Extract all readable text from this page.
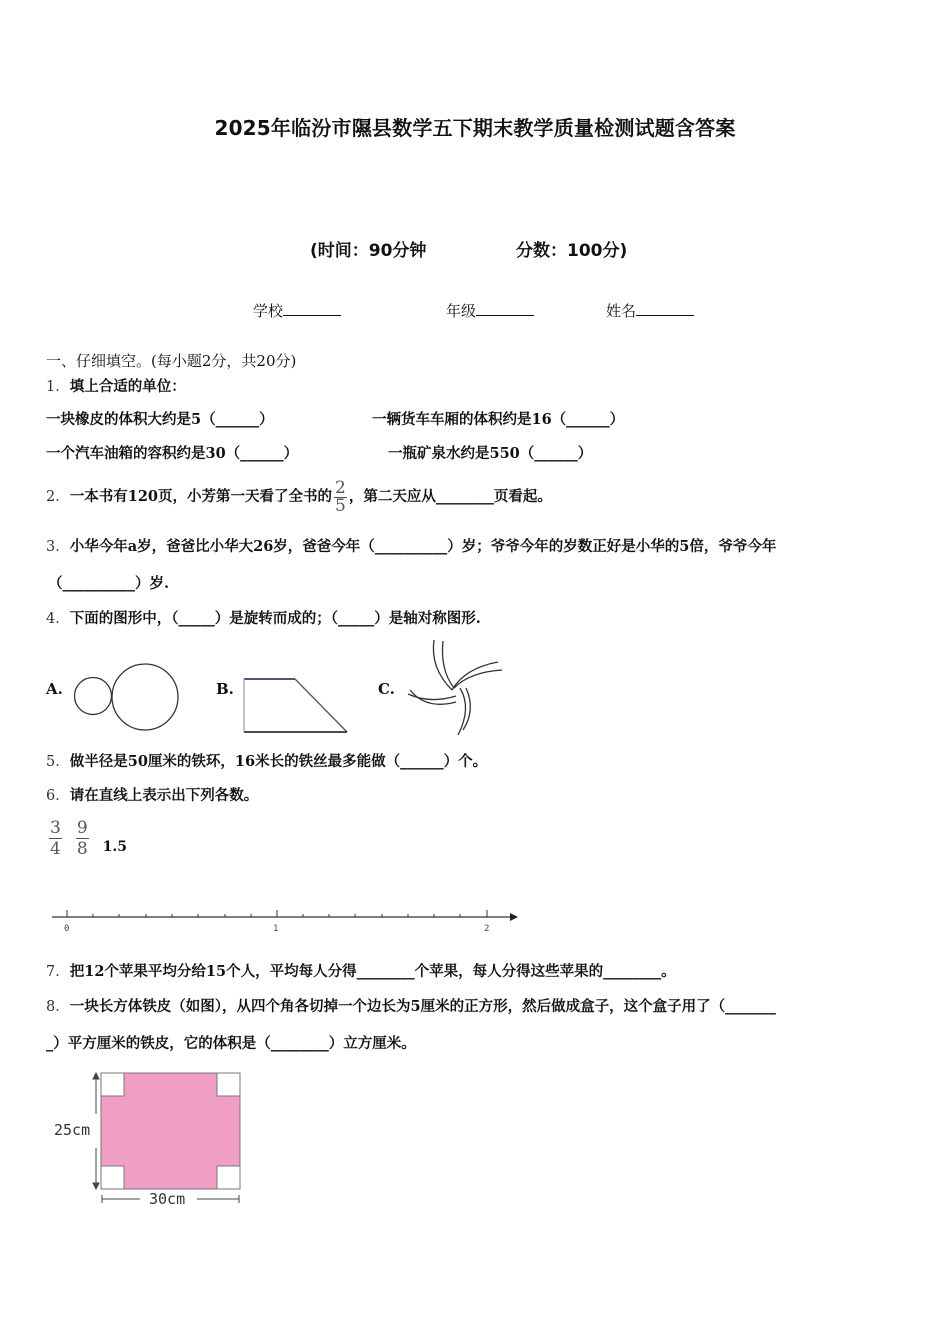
2025年临汾市隰县数学五下期末教学质量检测试题含答案
(时间：90分钟	分数：100分)
学校	年级	姓名
一、仔细填空。(每小题2分，共20分)
1．填上合适的单位：
一块橡皮的体积大约是5（______）	一辆货车车厢的体积约是16（______）
一个汽车油箱的容积约是30（______）	一瓶矿泉水约是550（______）
2．一本书有120页，小芳第一天看了全书的 $\frac{2}{5}$ ，第二天应从________页看起。
3．小华今年a岁，爸爸比小华大26岁，爸爸今年（__________）岁；爷爷今年的岁数正好是小华的5倍，爷爷今年
（__________）岁.
4．下面的图形中，（_____）是旋转而成的；（_____）是轴对称图形.
A.	B.	C.
5．做半径是50厘米的铁环，16米长的铁丝最多能做（______）个。
6．请在直线上表示出下列各数。
$\frac{3}{4} \frac{9}{8} _{1.5}$
0	1	2
7．把12个苹果平均分给15个人，平均每人分得________个苹果，每人分得这些苹果的________。
8．一块长方体铁皮（如图），从四个角各切掉一个边长为5厘米的正方形，然后做成盒子，这个盒子用了（_______
_）平方厘米的铁皮，它的体积是（________）立方厘米。
25cm
30cm
